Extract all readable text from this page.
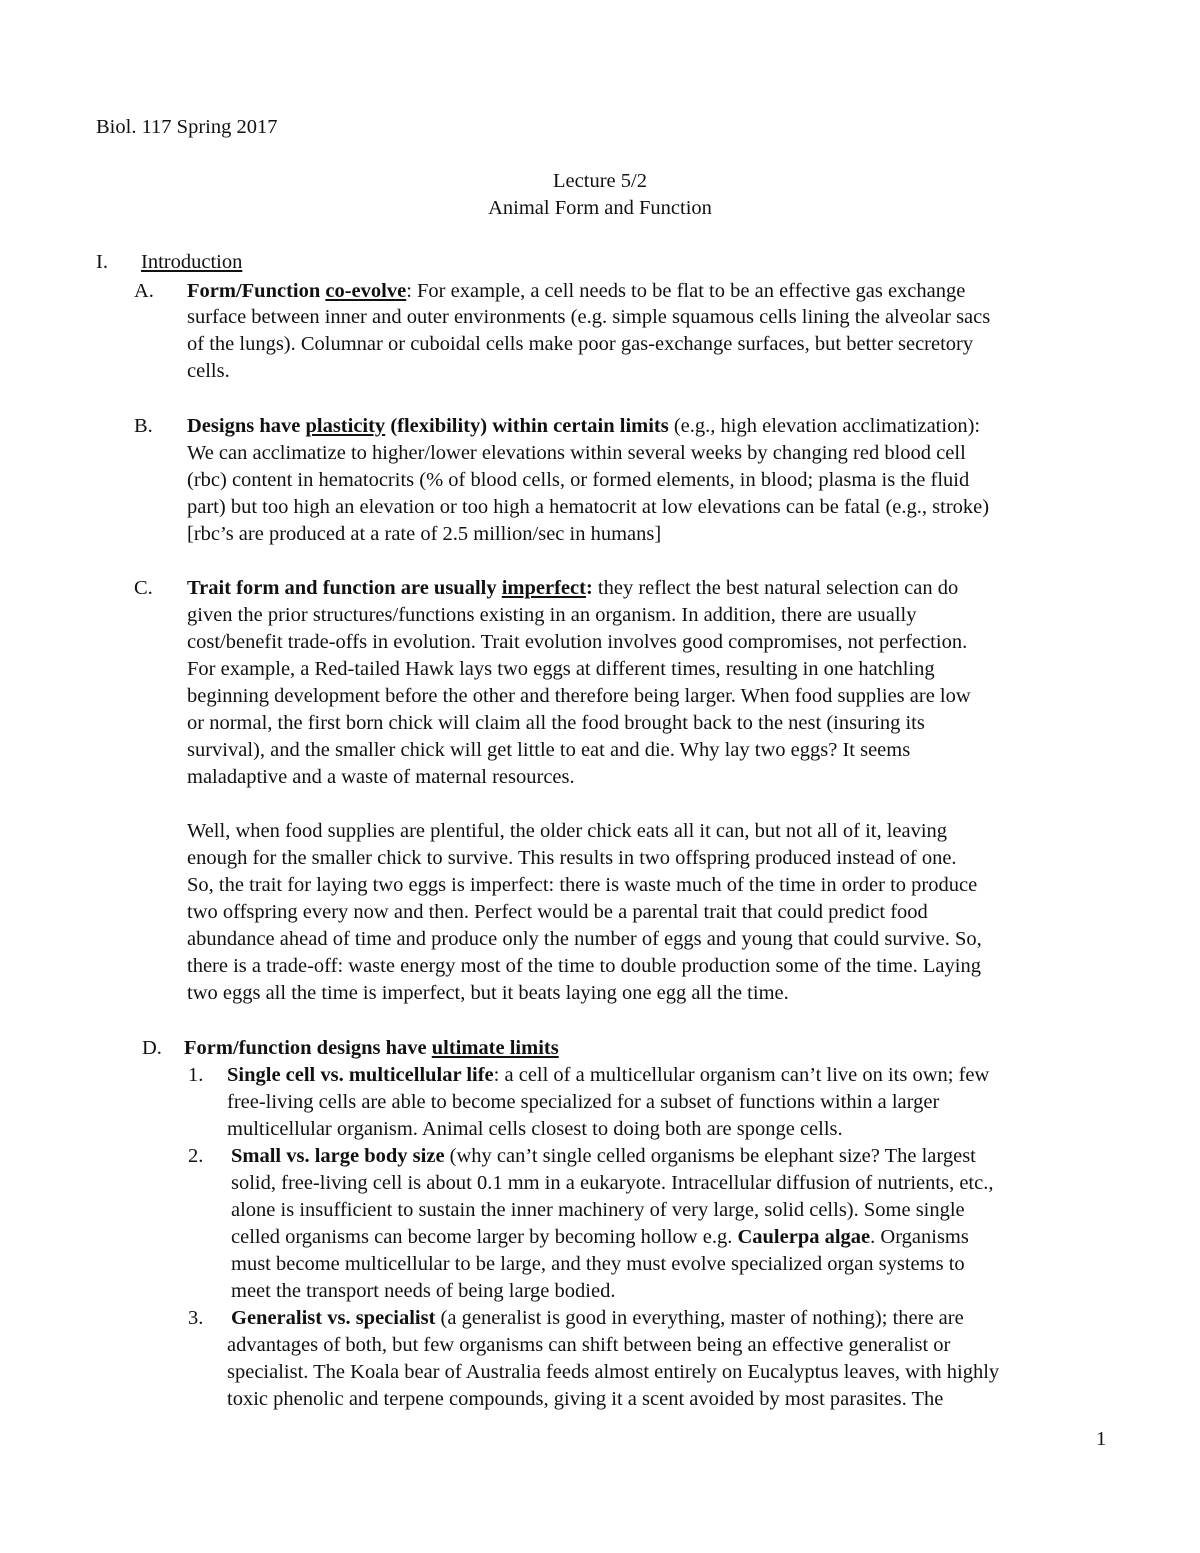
Biol. 117 Spring 2017
Lecture 5/2
Animal Form and Function
I. Introduction
A. Form/Function co-evolve: For example, a cell needs to be flat to be an effective gas exchange
surface between inner and outer environments (e.g. simple squamous cells lining the alveolar sacs
of the lungs). Columnar or cuboidal cells make poor gas-exchange surfaces, but better secretory
cells.
B. Designs have plasticity (flexibility) within certain limits (e.g., high elevation acclimatization):
We can acclimatize to higher/lower elevations within several weeks by changing red blood cell
(rbc) content in hematocrits (% of blood cells, or formed elements, in blood; plasma is the fluid
part) but too high an elevation or too high a hematocrit at low elevations can be fatal (e.g., stroke)
[rbc’s are produced at a rate of 2.5 million/sec in humans]
C. Trait form and function are usually imperfect: they reflect the best natural selection can do
given the prior structures/functions existing in an organism. In addition, there are usually
cost/benefit trade-offs in evolution. Trait evolution involves good compromises, not perfection.
For example, a Red-tailed Hawk lays two eggs at different times, resulting in one hatchling
beginning development before the other and therefore being larger. When food supplies are low
or normal, the first born chick will claim all the food brought back to the nest (insuring its
survival), and the smaller chick will get little to eat and die. Why lay two eggs? It seems
maladaptive and a waste of maternal resources.
Well, when food supplies are plentiful, the older chick eats all it can, but not all of it, leaving
enough for the smaller chick to survive. This results in two offspring produced instead of one.
So, the trait for laying two eggs is imperfect: there is waste much of the time in order to produce
two offspring every now and then. Perfect would be a parental trait that could predict food
abundance ahead of time and produce only the number of eggs and young that could survive. So,
there is a trade-off: waste energy most of the time to double production some of the time. Laying
two eggs all the time is imperfect, but it beats laying one egg all the time.
D. Form/function designs have ultimate limits
1. Single cell vs. multicellular life: a cell of a multicellular organism can’t live on its own; few
free-living cells are able to become specialized for a subset of functions within a larger
multicellular organism. Animal cells closest to doing both are sponge cells.
2. Small vs. large body size (why can’t single celled organisms be elephant size? The largest
solid, free-living cell is about 0.1 mm in a eukaryote. Intracellular diffusion of nutrients, etc.,
alone is insufficient to sustain the inner machinery of very large, solid cells). Some single
celled organisms can become larger by becoming hollow e.g. Caulerpa algae. Organisms
must become multicellular to be large, and they must evolve specialized organ systems to
meet the transport needs of being large bodied.
3. Generalist vs. specialist (a generalist is good in everything, master of nothing); there are
advantages of both, but few organisms can shift between being an effective generalist or
specialist. The Koala bear of Australia feeds almost entirely on Eucalyptus leaves, with highly
toxic phenolic and terpene compounds, giving it a scent avoided by most parasites. The
1
